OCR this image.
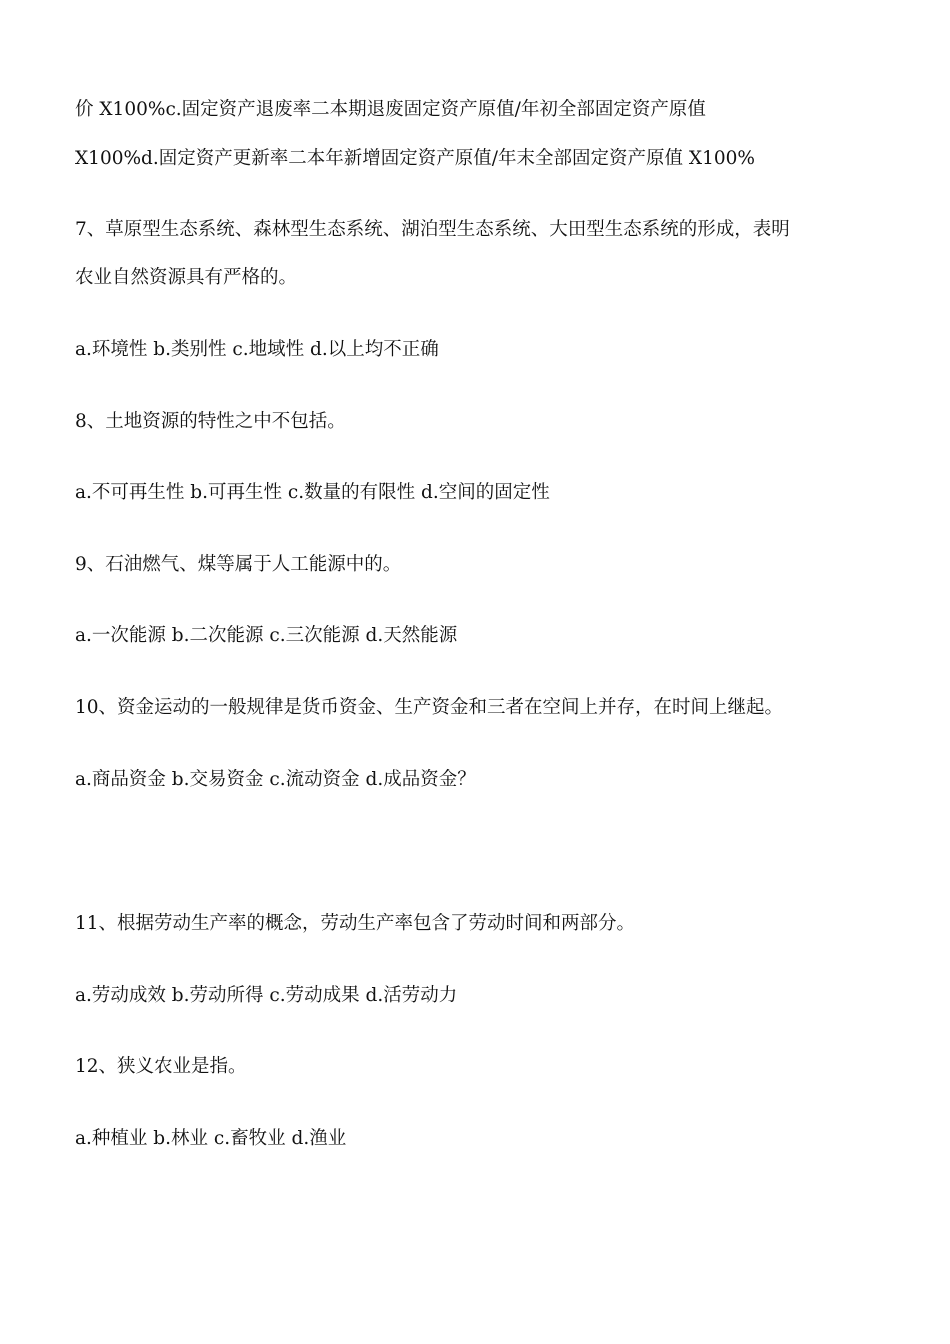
价 X100%c.固定资产退废率二本期退废固定资产原值/年初全部固定资产原值
X100%d.固定资产更新率二本年新增固定资产原值/年末全部固定资产原值 X100%
7、草原型生态系统、森林型生态系统、湖泊型生态系统、大田型生态系统的形成，表明
农业自然资源具有严格的。
a.环境性 b.类别性 c.地域性 d.以上均不正确
8、土地资源的特性之中不包括。
a.不可再生性 b.可再生性 c.数量的有限性 d.空间的固定性
9、石油燃气、煤等属于人工能源中的。
a.一次能源 b.二次能源 c.三次能源 d.天然能源
10、资金运动的一般规律是货币资金、生产资金和三者在空间上并存，在时间上继起。
a.商品资金 b.交易资金 c.流动资金 d.成品资金？
11、根据劳动生产率的概念，劳动生产率包含了劳动时间和两部分。
a.劳动成效 b.劳动所得 c.劳动成果 d.活劳动力
12、狭义农业是指。
a.种植业 b.林业 c.畜牧业 d.渔业
